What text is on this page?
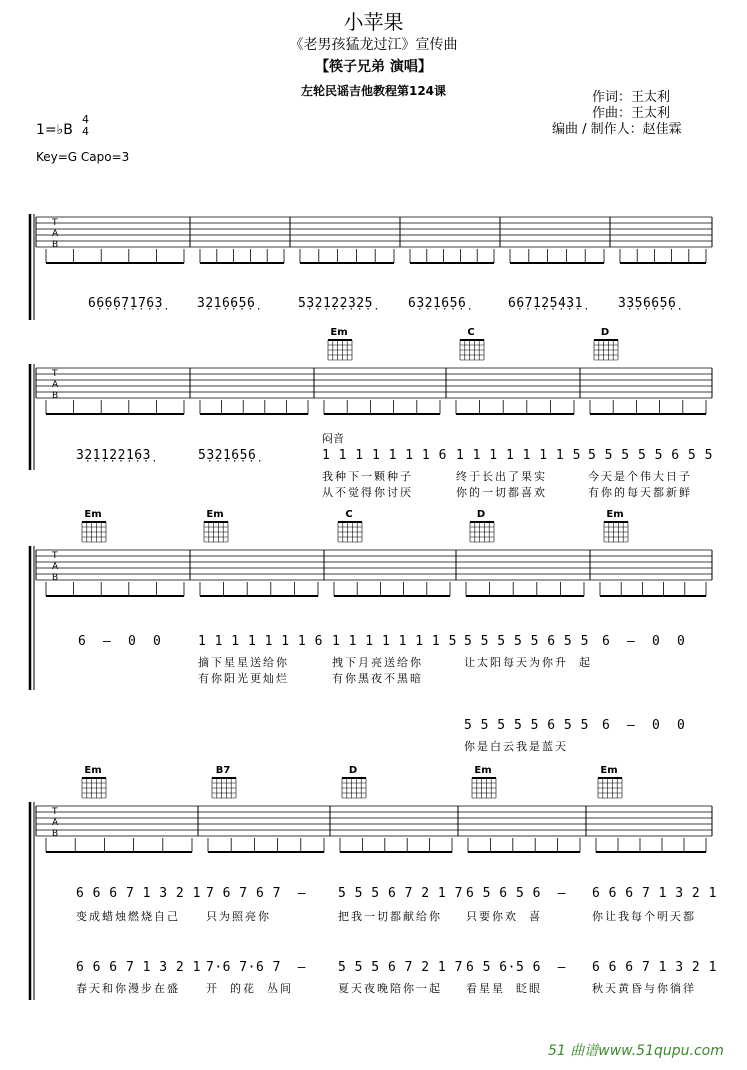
小苹果
《老男孩猛龙过江》宣传曲
【筷子兄弟 演唱】
左轮民谣吉他教程第124课
1=♭B
4
4
Key=G Capo=3
作词：王太利
作曲：王太利
编曲 / 制作人：赵佳霖
T
A
B
T
A
B
T
A
B
T
A
B
6̣6̣6̣6̣7̣1̣7̣6̣3̣	3̣2̣1̣6̣6̣5̣6̣	5̣3̣2̣1̣2̣2̣3̣2̣5̣	6̣3̣2̣1̣6̣5̣6̣	6̣6̣7̣1̣2̣5̣4̣3̣1̣	3̣3̣5̣6̣6̣5̣6̣
Em	C	D
闷音
3̣2̣1̣1̣2̣2̣1̣6̣3̣	5̣3̣2̣1̣6̣5̣6̣	1 1 1 1 1 1 1 6 1 1 1 1 1 1 1 5 5 5 5 5 5 6 5 5
我种下一颗种子	终于长出了果实	今天是个伟大日子
从不觉得你讨厌	你的一切都喜欢	有你的每天都新鲜
Em	Em	C	D	Em
6  —  0  0	1 1 1 1 1 1 1 6 1 1 1 1 1 1 1 5 5 5 5 5 5 6 5 5 6  —  0  0
摘下星星送给你	拽下月亮送给你	让太阳每天为你升  起
有你阳光更灿烂	有你黑夜不黑暗
5 5 5 5 5 6 5 5 6  —  0  0
你是白云我是蓝天
Em	B7	D	Em	Em
6 6 6 7 1 3 2 1 7 6 7 6 7  — 5 5 5 6 7 2 1 7 6 5 6 5 6  — 6 6 6 7 1 3 2 1
变成蜡烛燃烧自己 只为照亮你	把我一切都献给你 只要你欢  喜	你让我每个明天都
6 6 6 7 1 3 2 1 7·6 7·6 7  — 5 5 5 6 7 2 1 7 6 5 6·5 6  — 6 6 6 7 1 3 2 1
春天和你漫步在盛 开  的花  丛间	夏天夜晚陪你一起 看星星  眨眼	秋天黄昏与你徜徉
51 曲谱www.51qupu.com
